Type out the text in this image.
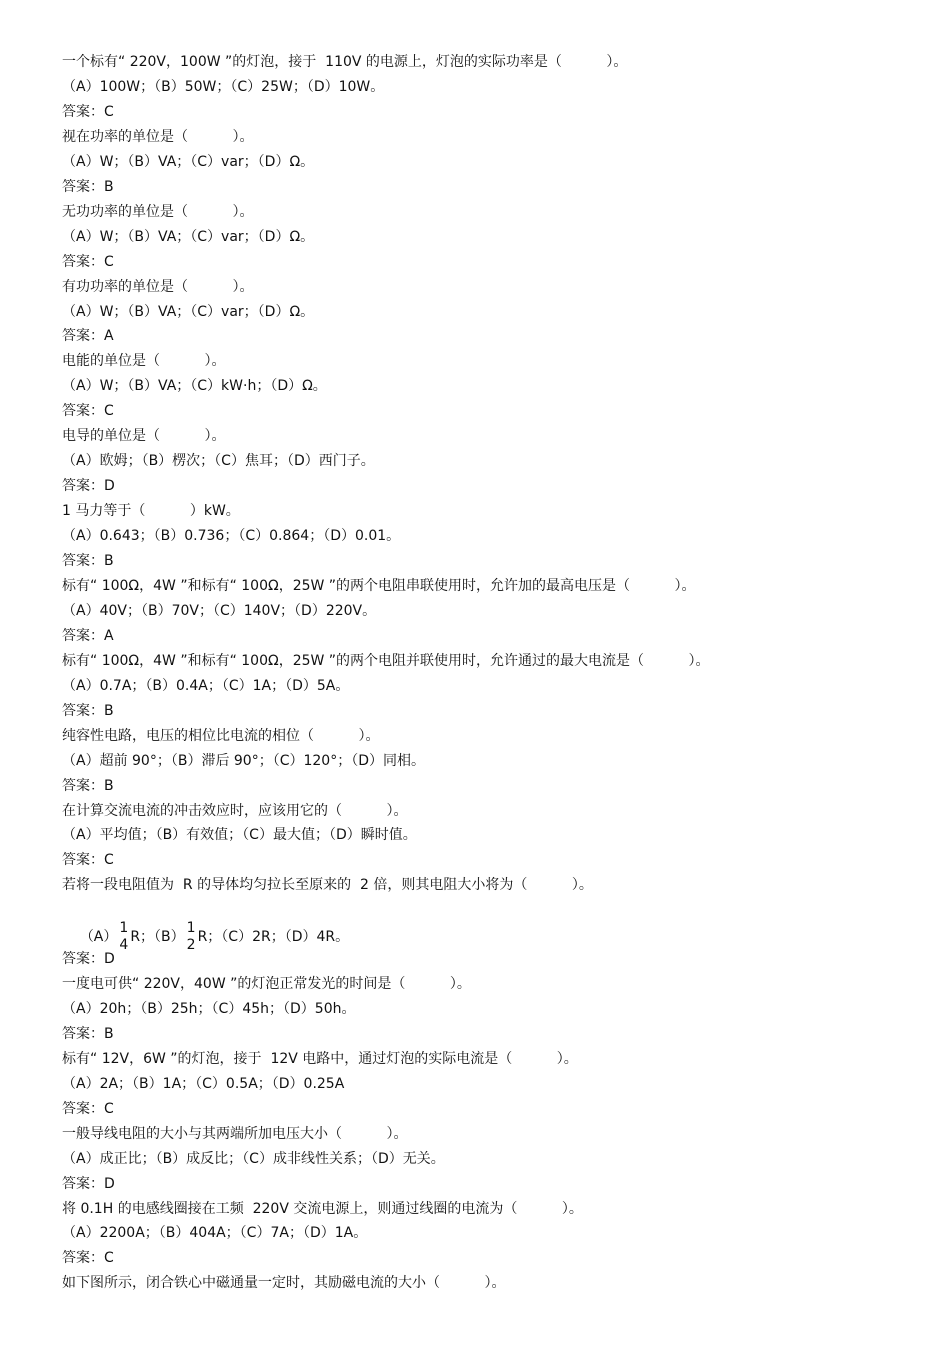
一个标有“ 220V，100W ”的灯泡，接于  110V 的电源上，灯泡的实际功率是（          ）。
（A）100W；（B）50W；（C）25W；（D）10W。
答案：C
视在功率的单位是（          ）。
（A）W；（B）VA；（C）var；（D）Ω。
答案：B
无功功率的单位是（          ）。
（A）W；（B）VA；（C）var；（D）Ω。
答案：C
有功功率的单位是（          ）。
（A）W；（B）VA；（C）var；（D）Ω。
答案：A
电能的单位是（          ）。
（A）W；（B）VA；（C）kW·h；（D）Ω。
答案：C
电导的单位是（          ）。
（A）欧姆；（B）楞次；（C）焦耳；（D）西门子。
答案：D
1 马力等于（          ）kW。
（A）0.643；（B）0.736；（C）0.864；（D）0.01。
答案：B
标有“ 100Ω，4W ”和标有“ 100Ω，25W ”的两个电阻串联使用时，允许加的最高电压是（          ）。
（A）40V；（B）70V；（C）140V；（D）220V。
答案：A
标有“ 100Ω，4W ”和标有“ 100Ω，25W ”的两个电阻并联使用时，允许通过的最大电流是（          ）。
（A）0.7A；（B）0.4A；（C）1A；（D）5A。
答案：B
纯容性电路，电压的相位比电流的相位（          ）。
（A）超前 90°；（B）滞后 90°；（C）120°；（D）同相。
答案：B
在计算交流电流的冲击效应时，应该用它的（          ）。
（A）平均值；（B）有效值；（C）最大值；（D）瞬时值。
答案：C
若将一段电阻值为  R 的导体均匀拉长至原来的  2 倍，则其电阻大小将为（          ）。

（A）
1
4 R；（B）
1
2 R；（C）2R；（D）4R。

答案：D
一度电可供“ 220V，40W ”的灯泡正常发光的时间是（          ）。
（A）20h；（B）25h；（C）45h；（D）50h。
答案：B
标有“ 12V，6W ”的灯泡，接于  12V 电路中，通过灯泡的实际电流是（          ）。
（A）2A；（B）1A；（C）0.5A；（D）0.25A
答案：C
一般导线电阻的大小与其两端所加电压大小（          ）。
（A）成正比；（B）成反比；（C）成非线性关系；（D）无关。
答案：D
将 0.1H 的电感线圈接在工频  220V 交流电源上，则通过线圈的电流为（          ）。
（A）2200A；（B）404A；（C）7A；（D）1A。
答案：C
如下图所示，闭合铁心中磁通量一定时，其励磁电流的大小（          ）。
